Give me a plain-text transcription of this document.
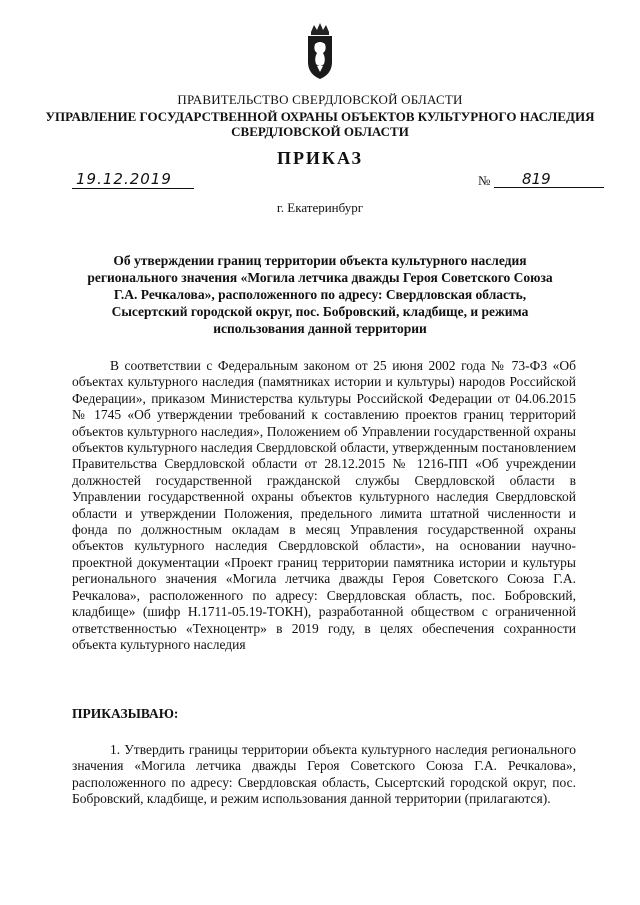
ПРАВИТЕЛЬСТВО СВЕРДЛОВСКОЙ ОБЛАСТИ
УПРАВЛЕНИЕ ГОСУДАРСТВЕННОЙ ОХРАНЫ ОБЪЕКТОВ КУЛЬТУРНОГО НАСЛЕДИЯ СВЕРДЛОВСКОЙ ОБЛАСТИ
ПРИКАЗ
19.12.2019	№	819
г. Екатеринбург
Об утверждении границ территории объекта культурного наследия регионального значения «Могила летчика дважды Героя Советского Союза Г.А. Речкалова», расположенного по адресу: Свердловская область, Сысертский городской округ, пос. Бобровский, кладбище, и режима использования данной территории
В соответствии с Федеральным законом от 25 июня 2002 года № 73-ФЗ «Об объектах культурного наследия (памятниках истории и культуры) народов Российской Федерации», приказом Министерства культуры Российской Федерации от 04.06.2015 № 1745 «Об утверждении требований к составлению проектов границ территорий объектов культурного наследия», Положением об Управлении государственной охраны объектов культурного наследия Свердловской области, утвержденным постановлением Правительства Свердловской области от 28.12.2015 № 1216-ПП «Об учреждении должностей государственной гражданской службы Свердловской области в Управлении государственной охраны объектов культурного наследия Свердловской области и утверждении Положения, предельного лимита штатной численности и фонда по должностным окладам в месяц Управления государственной охраны объектов культурного наследия Свердловской области», на основании научно-проектной документации «Проект границ территории памятника истории и культуры регионального значения «Могила летчика дважды Героя Советского Союза Г.А. Речкалова», расположенного по адресу: Свердловская область, пос. Бобровский, кладбище» (шифр Н.1711-05.19-ТОКН), разработанной обществом с ограниченной ответственностью «Техноцентр» в 2019 году, в целях обеспечения сохранности объекта культурного наследия
ПРИКАЗЫВАЮ:
1. Утвердить границы территории объекта культурного наследия регионального значения «Могила летчика дважды Героя Советского Союза Г.А. Речкалова», расположенного по адресу: Свердловская область, Сысертский городской округ, пос. Бобровский, кладбище, и режим использования данной территории (прилагаются).
